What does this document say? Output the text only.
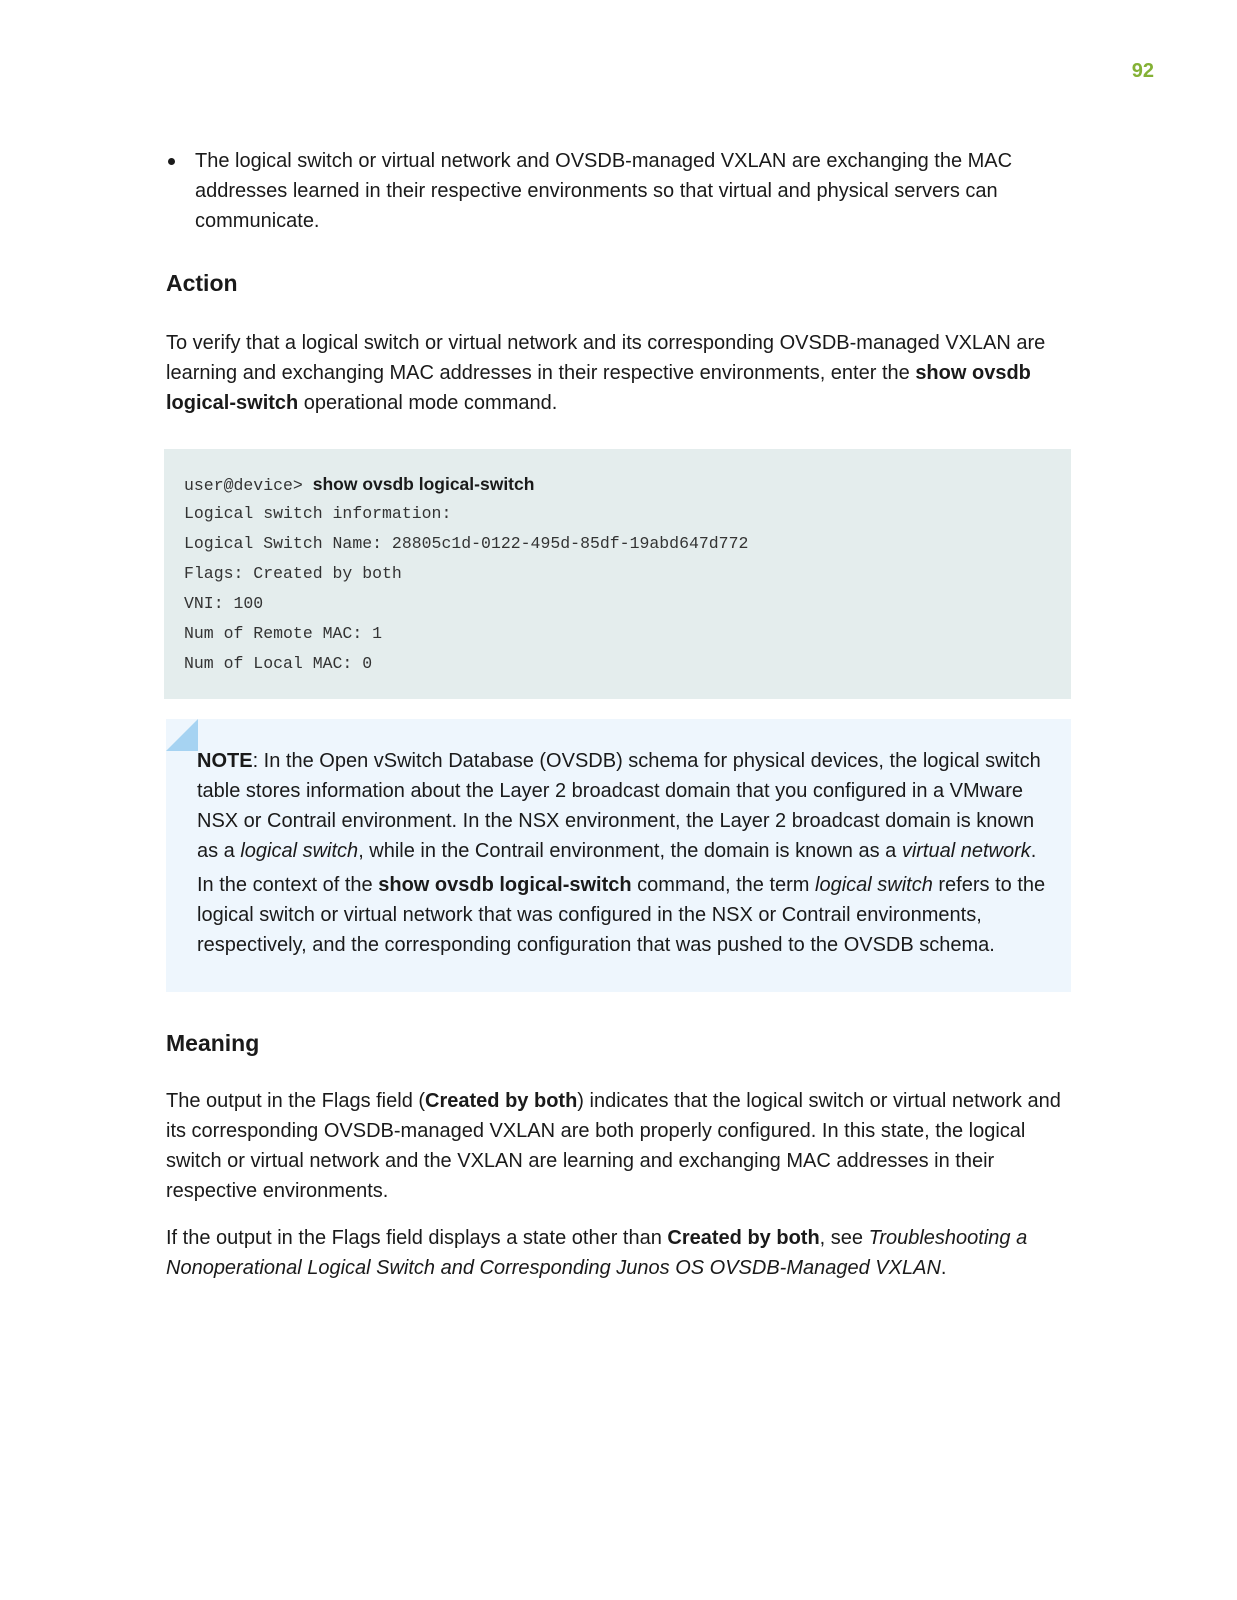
92
The logical switch or virtual network and OVSDB-managed VXLAN are exchanging the MAC addresses learned in their respective environments so that virtual and physical servers can communicate.
Action

To verify that a logical switch or virtual network and its corresponding OVSDB-managed VXLAN are learning and exchanging MAC addresses in their respective environments, enter the show ovsdb logical-switch operational mode command.

user@device> show ovsdb logical-switch
Logical switch information:
Logical Switch Name: 28805c1d-0122-495d-85df-19abd647d772
Flags: Created by both
VNI: 100
Num of Remote MAC: 1
Num of Local MAC: 0

NOTE: In the Open vSwitch Database (OVSDB) schema for physical devices, the logical switch table stores information about the Layer 2 broadcast domain that you configured in a VMware NSX or Contrail environment. In the NSX environment, the Layer 2 broadcast domain is known as a logical switch, while in the Contrail environment, the domain is known as a virtual network.

In the context of the show ovsdb logical-switch command, the term logical switch refers to the logical switch or virtual network that was configured in the NSX or Contrail environments, respectively, and the corresponding configuration that was pushed to the OVSDB schema.

Meaning

The output in the Flags field (Created by both) indicates that the logical switch or virtual network and its corresponding OVSDB-managed VXLAN are both properly configured. In this state, the logical switch or virtual network and the VXLAN are learning and exchanging MAC addresses in their respective environments.

If the output in the Flags field displays a state other than Created by both, see Troubleshooting a Nonoperational Logical Switch and Corresponding Junos OS OVSDB-Managed VXLAN.
